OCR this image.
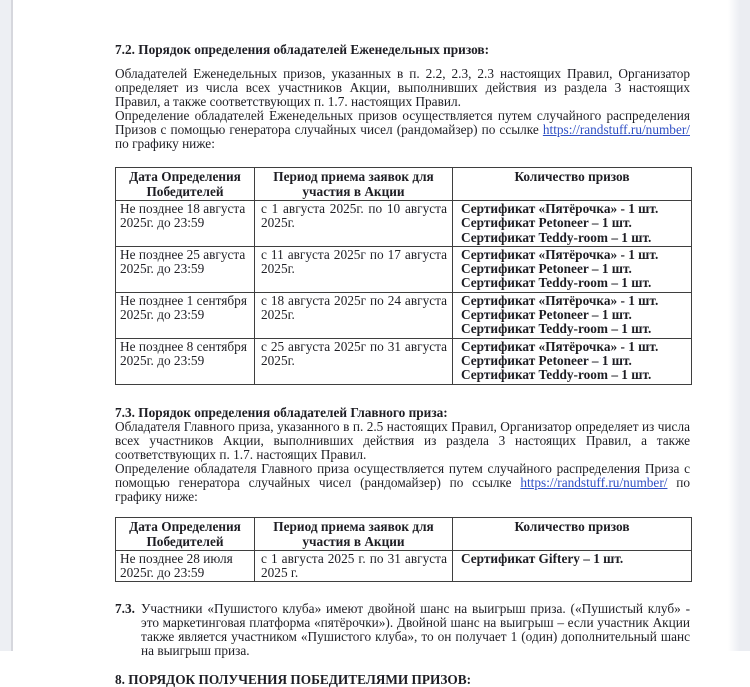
7.2. Порядок определения обладателей Еженедельных призов:

Обладателей Еженедельных призов, указанных в п. 2.2, 2.3, 2.3 настоящих Правил, Организатор определяет из числа всех участников Акции, выполнивших действия из раздела 3 настоящих Правил, а также соответствующих п. 1.7. настоящих Правил.

Определение обладателей Еженедельных призов осуществляется путем случайного распределения Призов с помощью генератора случайных чисел (рандомайзер) по ссылке https://randstuff.ru/number/ по графику ниже:

Дата Определения Победителей	Период приема заявок для участия в Акции	Количество призов
Не позднее 18 августа 2025г. до 23:59	с 1 августа 2025г. по 10 августа 2025г.	Сертификат «Пятёрочка» - 1 шт.
Сертификат Petoneer – 1 шт.
Сертификат Teddy-room – 1 шт.

Не позднее 25 августа 2025г. до 23:59	с 11 августа 2025г по 17 августа 2025г.	Сертификат «Пятёрочка» - 1 шт.
Сертификат Petoneer – 1 шт.
Сертификат Teddy-room – 1 шт.

Не позднее 1 сентября 2025г. до 23:59	с 18 августа 2025г по 24 августа 2025г.	Сертификат «Пятёрочка» - 1 шт.
Сертификат Petoneer – 1 шт.
Сертификат Teddy-room – 1 шт.

Не позднее 8 сентября 2025г. до 23:59	с 25 августа 2025г по 31 августа 2025г.	Сертификат «Пятёрочка» - 1 шт.
Сертификат Petoneer – 1 шт.
Сертификат Teddy-room – 1 шт.
7.3. Порядок определения обладателей Главного приза:

Обладателя Главного приза, указанного в п. 2.5 настоящих Правил, Организатор определяет из числа всех участников Акции, выполнивших действия из раздела 3 настоящих Правил, а также соответствующих п. 1.7. настоящих Правил.

Определение обладателя Главного приза осуществляется путем случайного распределения Приза с помощью генератора случайных чисел (рандомайзер) по ссылке https://randstuff.ru/number/ по графику ниже:

Дата Определения Победителей	Период приема заявок для участия в Акции	Количество призов
Не позднее 28 июля 2025г. до 23:59	с 1 августа 2025 г. по 31 августа 2025 г.	Сертификат Giftery – 1 шт.
7.3. Участники «Пушистого клуба» имеют двойной шанс на выигрыш приза. («Пушистый клуб» - это маркетинговая платформа «пятёрочки»). Двойной шанс на выигрыш – если участник Акции также является участником «Пушистого клуба», то он получает 1 (один) дополнительный шанс на выигрыш приза.
8. ПОРЯДОК ПОЛУЧЕНИЯ ПОБЕДИТЕЛЯМИ ПРИЗОВ:
